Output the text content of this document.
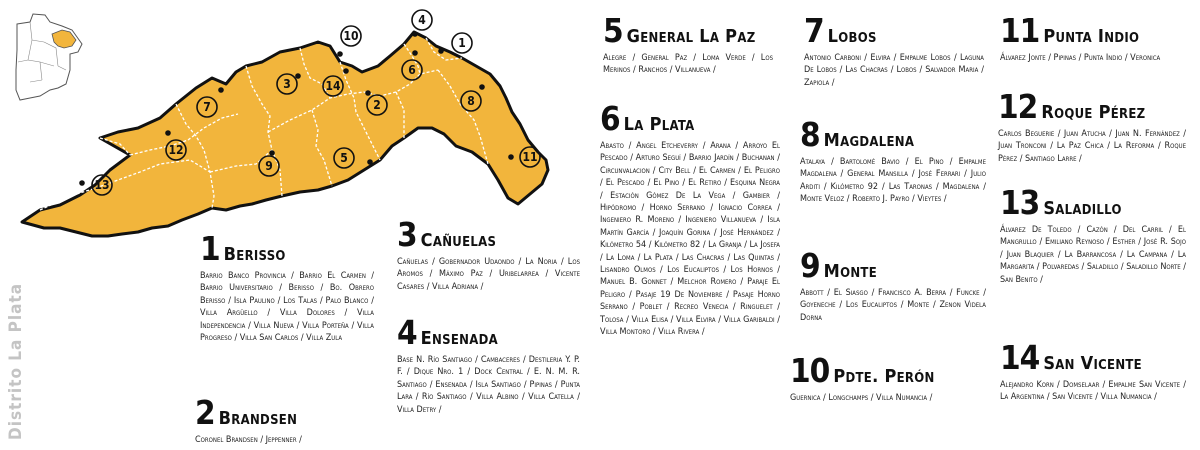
1
2
3
4
5
6
7	8
9
10
11
12
13
14
Distrito La Plata
1 Berisso
Barrio Banco Provincia / Barrio El Carmen / Barrio Universitario / Berisso / Bo. Obrero Berisso / Isla Paulino / Los Talas / Palo Blanco / Villa Argüello / Villa Dolores / Villa Independencia / Villa Nueva / Villa Porteña / Villa Progreso / Villa San Carlos / Villa Zula
2 Brandsen
Coronel Brandsen / Jeppenner /
3 Cañuelas
Cañuelas / Gobernador Udaondo / La Noria / Los Aromos / Máximo Paz / Uribelarrea / Vicente Casares / Villa Adriana /
4 Ensenada
Base N. Río Santiago / Cambaceres / Destileria Y. P. F. / Dique Nro. 1 / Dock Central / E. N. M. R. Santiago / Ensenada / Isla Santiago / Pipinas / Punta Lara / Río Santiago / Villa Albino / Villa Catella / Villa Detry /
5 General La Paz
Alegre / General Paz / Loma Verde / Los Merinos / Ranchos / Villanueva /
6 La Plata
Abasto / Angel Etcheverry / Arana / Arroyo El Pescado / Arturo Seguí / Barrio Jardín / Buchanan / Circunvalacion / City Bell / El Carmen / El Peligro / El Pescado / El Pino / El Retiro / Esquina Negra / Estación Gómez De La Vega / Gambier / Hipódromo / Horno Serrano / Ignacio Correa / Ingeniero R. Moreno / Ingeniero Villanueva / Isla Martín García / Joaquín Gorina / José Hernández / Kilómetro 54 / Kilómetro 82 / La Granja / La Josefa / La Loma / La Plata / Las Chacras / Las Quintas / Lisandro Olmos / Los Eucaliptos / Los Hornos / Manuel B. Gonnet / Melchor Romero / Paraje El Peligro / Pasaje 19 De Noviembre / Pasaje Horno Serrano / Poblet / Recreo Venecia / Ringuelet / Tolosa / Villa Elisa / Villa Elvira / Villa Garibaldi / Villa Montoro / Villa Rivera /
7 Lobos
Antonio Carboni / Elvira / Empalme Lobos / Laguna De Lobos / Las Chacras / Lobos / Salvador Maria / Zapiola /
8 Magdalena
Atalaya / Bartolomé Bavio / El Pino / Empalme Magdalena / General Mansilla / José Ferrari / Julio Arditi / Kilómetro 92 / Las Taronas / Magdalena / Monte Veloz / Roberto J. Payro / Vieytes /
9 Monte
Abbott / El Siasgo / Francisco A. Berra / Funcke / Goyeneche / Los Eucaliptos / Monte / Zenon Videla Dorna
10 Pdte. Perón
Guernica / Longchamps / Villa Numancia /
11 Punta Indio
Álvarez Jonte / Pipinas / Punta Indio / Veronica
12 Roque Pérez
Carlos Beguerie / Juan Atucha / Juan N. Fernández / Juan Tronconi / La Paz Chica / La Reforma / Roque Pérez / Santiago Larre /
13 Saladillo
Álvarez De Toledo / Cazón / Del Carril / El Mangrullo / Emiliano Reynoso / Esther / José R. Sojo / Juan Blaquier / La Barrancosa / La Campana / La Margarita / Polvaredas / Saladillo / Saladillo Norte / San Benito /
14 San Vicente
Alejandro Korn / Domselaar / Empalme San Vicente / La Argentina / San Vicente / Villa Numancia /
